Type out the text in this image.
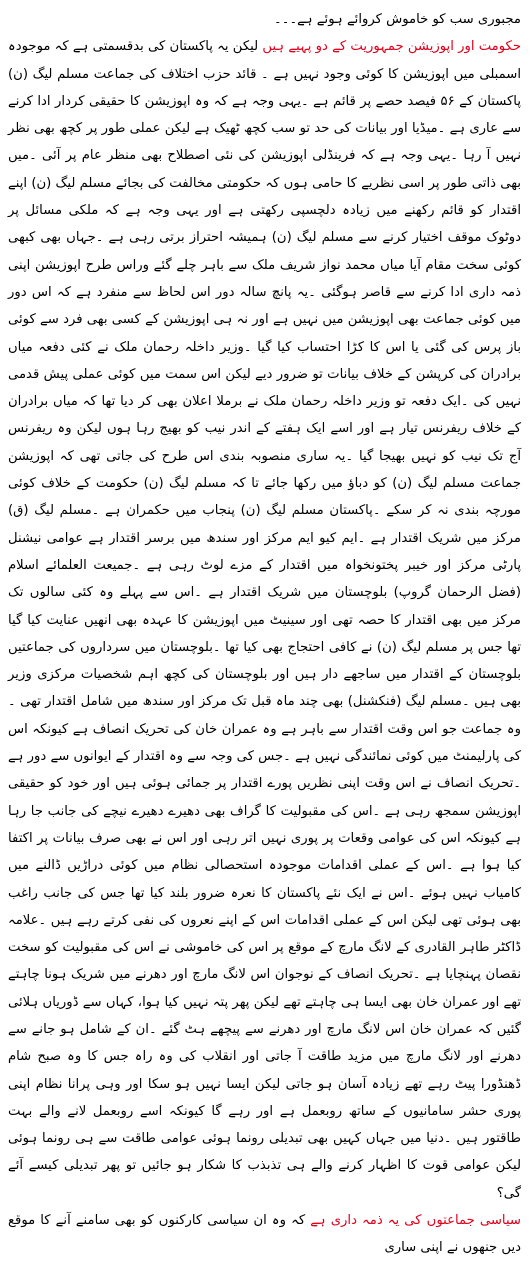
مجبوری سب کو خاموش کروائے ہوئے ہے۔۔۔

حکومت اور اپوزیشن جمہوریت کے دو پہیے ہیں لیکن یہ پاکستان کی بدقسمتی ہے کہ موجودہ اسمبلی میں اپوزیشن کا کوئی وجود نہیں ہے ۔ قائد حزب اختلاف کی جماعت مسلم لیگ (ن) پاکستان کے ۵۶ فیصد حصے پر قائم ہے ۔یہی وجہ ہے کہ وہ اپوزیشن کا حقیقی کردار ادا کرنے سے عاری ہے ۔میڈیا اور بیانات کی حد تو سب کچھ ٹھیک ہے لیکن عملی طور پر کچھ بھی نظر نہیں آ رہا ۔یہی وجہ ہے کہ فرینڈلی اپوزیشن کی نئی اصطلاح بھی منظر عام پر آئی ۔میں بھی ذاتی طور پر اسی نظریے کا حامی ہوں کہ حکومتی مخالفت کی بجائے مسلم لیگ (ن) اپنے اقتدار کو قائم رکھنے میں زیادہ دلچسپی رکھتی ہے اور یہی وجہ ہے کہ ملکی مسائل پر دوٹوک موقف اختیار کرنے سے مسلم لیگ (ن) ہمیشہ احتراز برتی رہی ہے ۔جہاں بھی کبھی کوئی سخت مقام آیا میاں محمد نواز شریف ملک سے باہر چلے گئے وراس طرح اپوزیشن اپنی ذمہ داری ادا کرنے سے قاصر ہوگئی ۔یہ پانچ سالہ دور اس لحاظ سے منفرد ہے کہ اس دور میں کوئی جماعت بھی اپوزیشن میں نہیں ہے اور نہ ہی اپوزیشن کے کسی بھی فرد سے کوئی باز پرس کی گئی یا اس کا کڑا احتساب کیا گیا ۔وزیر داخلہ رحمان ملک نے کئی دفعہ میاں برادران کی کرپشن کے خلاف بیانات تو ضرور دیے لیکن اس سمت میں کوئی عملی پیش قدمی نہیں کی ۔ایک دفعہ تو وزیر داخلہ رحمان ملک نے برملا اعلان بھی کر دیا تھا کہ میاں برادران کے خلاف ریفرنس تیار ہے اور اسے ایک ہفتے کے اندر نیب کو بھیج رہا ہوں لیکن وہ ریفرنس آج تک نیب کو نہیں بھیجا گیا ۔یہ ساری منصوبہ بندی اس طرح کی جاتی تھی کہ اپوزیشن جماعت مسلم لیگ (ن) کو دباؤ میں رکھا جائے تا کہ مسلم لیگ (ن) حکومت کے خلاف کوئی مورچہ بندی نہ کر سکے ۔پاکستان مسلم لیگ (ن) پنجاب میں حکمران ہے ۔مسلم لیگ (ق) مرکز میں شریک اقتدار ہے ۔ایم کیو ایم مرکز اور سندھ میں برسر اقتدار ہے عوامی نیشنل پارٹی مرکز اور خیبر پختونخواہ میں اقتدار کے مزے لوٹ رہی ہے ۔جمیعت العلمائے اسلام (فضل الرحمان گروپ) بلوچستان میں شریک اقتدار ہے ۔اس سے پہلے وہ کئی سالوں تک مرکز میں بھی اقتدار کا حصہ تھی اور سینیٹ میں اپوزیشن کا عہدہ بھی انھیں عنایت کیا گیا تھا جس پر مسلم لیگ (ن) نے کافی احتجاج بھی کیا تھا ۔بلوچستان میں سرداروں کی جماعتیں بلوچستان کے اقتدار میں ساجھے دار ہیں اور بلوچستان کی کچھ اہم شخصیات مرکزی وزیر بھی ہیں ۔مسلم لیگ (فنکشنل) بھی چند ماہ قبل تک مرکز اور سندھ میں شامل اقتدار تھی ۔وہ جماعت جو اس وقت اقتدار سے باہر ہے وہ عمران خان کی تحریک انصاف ہے کیونکہ اس کی پارلیمنٹ میں کوئی نمائندگی نہیں ہے ۔جس کی وجہ سے وہ اقتدار کے ایوانوں سے دور ہے ۔تحریک انصاف نے اس وقت اپنی نظریں پورے اقتدار پر جمائی ہوئی ہیں اور خود کو حقیقی اپوزیشن سمجھ رہی ہے ۔اس کی مقبولیت کا گراف بھی دھیرے دھیرے نیچے کی جانب جا رہا ہے کیونکہ اس کی عوامی وقعات پر پوری نہیں اتر رہی اور اس نے بھی صرف بیانات پر اکتفا کیا ہوا ہے ۔اس کے عملی اقدامات موجودہ استحصالی نظام میں کوئی دراڑیں ڈالنے میں کامیاب نہیں ہوئے ۔اس نے ایک نئے پاکستان کا نعرہ ضرور بلند کیا تھا جس کی جانب راغب بھی ہوئی تھی لیکن اس کے عملی اقدامات اس کے اپنے نعروں کی نفی کرتے رہے ہیں ۔علامہ ڈاکٹر طاہر القادری کے لانگ مارچ کے موقع پر اس کی خاموشی نے اس کی مقبولیت کو سخت نقصان پہنچایا ہے ۔تحریک انصاف کے نوجوان اس لانگ مارچ اور دھرنے میں شریک ہونا چاہتے تھے اور عمران خان بھی ایسا ہی چاہتے تھے لیکن پھر پتہ نہیں کیا ہوا، کہاں سے ڈوریاں ہلائی گئیں کہ عمران خان اس لانگ مارچ اور دھرنے سے پیچھے ہٹ گئے ۔ان کے شامل ہو جانے سے دھرنے اور لانگ مارچ میں مزید طاقت آ جاتی اور انقلاب کی وہ راہ جس کا وہ صبح شام ڈھنڈورا پیٹ رہے تھے زیادہ آسان ہو جاتی لیکن ایسا نہیں ہو سکا اور وہی پرانا نظام اپنی پوری حشر سامانیوں کے ساتھ روبعمل ہے اور رہے گا کیونکہ اسے روبعمل لانے والے بہت طاقتور ہیں ۔دنیا میں جہاں کہیں بھی تبدیلی رونما ہوئی عوامی طاقت سے ہی رونما ہوئی لیکن عوامی قوت کا اظہار کرنے والے ہی تذبذب کا شکار ہو جائیں تو پھر تبدیلی کیسے آئے گی؟

سیاسی جماعتوں کی یہ ذمہ داری ہے کہ وہ ان سیاسی کارکنوں کو بھی سامنے آنے کا موقع دیں جنھوں نے اپنی ساری
